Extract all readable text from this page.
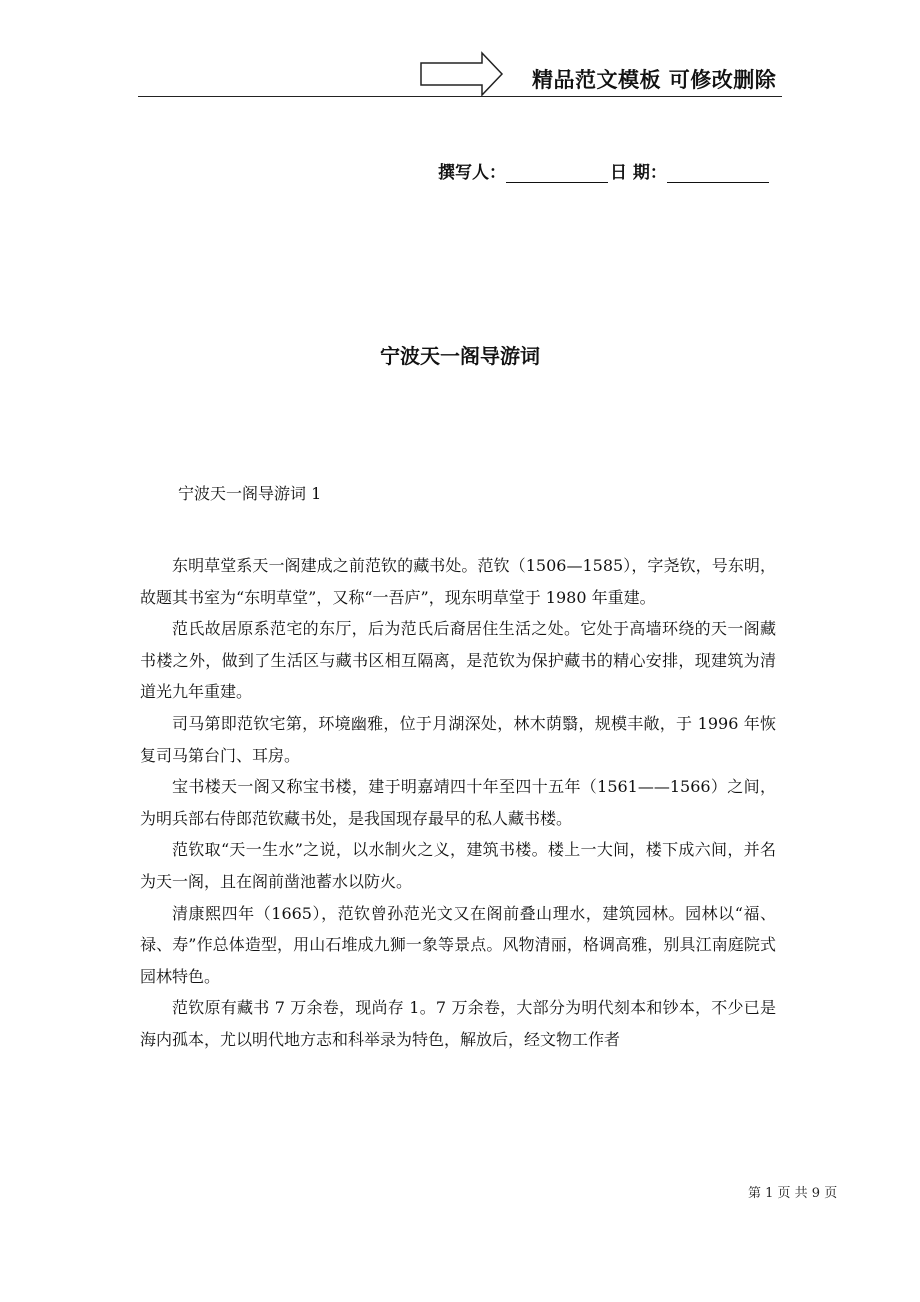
精品范文模板 可修改删除
撰写人：	日 期：
宁波天一阁导游词
宁波天一阁导游词 1

东明草堂系天一阁建成之前范钦的藏书处。范钦（1506—1585），字尧钦，号东明，故题其书室为“东明草堂”，又称“一吾庐”，现东明草堂于 1980 年重建。

范氏故居原系范宅的东厅，后为范氏后裔居住生活之处。它处于高墙环绕的天一阁藏书楼之外，做到了生活区与藏书区相互隔离，是范钦为保护藏书的精心安排，现建筑为清道光九年重建。

司马第即范钦宅第，环境幽雅，位于月湖深处，林木荫翳，规模丰敞，于 1996 年恢复司马第台门、耳房。

宝书楼天一阁又称宝书楼，建于明嘉靖四十年至四十五年（1561——1566）之间，为明兵部右侍郎范钦藏书处，是我国现存最早的私人藏书楼。

范钦取“天一生水”之说，以水制火之义，建筑书楼。楼上一大间，楼下成六间，并名为天一阁，且在阁前凿池蓄水以防火。

清康熙四年（1665），范钦曾孙范光文又在阁前叠山理水，建筑园林。园林以“福、禄、寿”作总体造型，用山石堆成九狮一象等景点。风物清丽，格调高雅，别具江南庭院式园林特色。

范钦原有藏书 7 万余卷，现尚存 1。7 万余卷，大部分为明代刻本和钞本，不少已是海内孤本，尤以明代地方志和科举录为特色，解放后，经文物工作者

第 1 页 共 9 页
